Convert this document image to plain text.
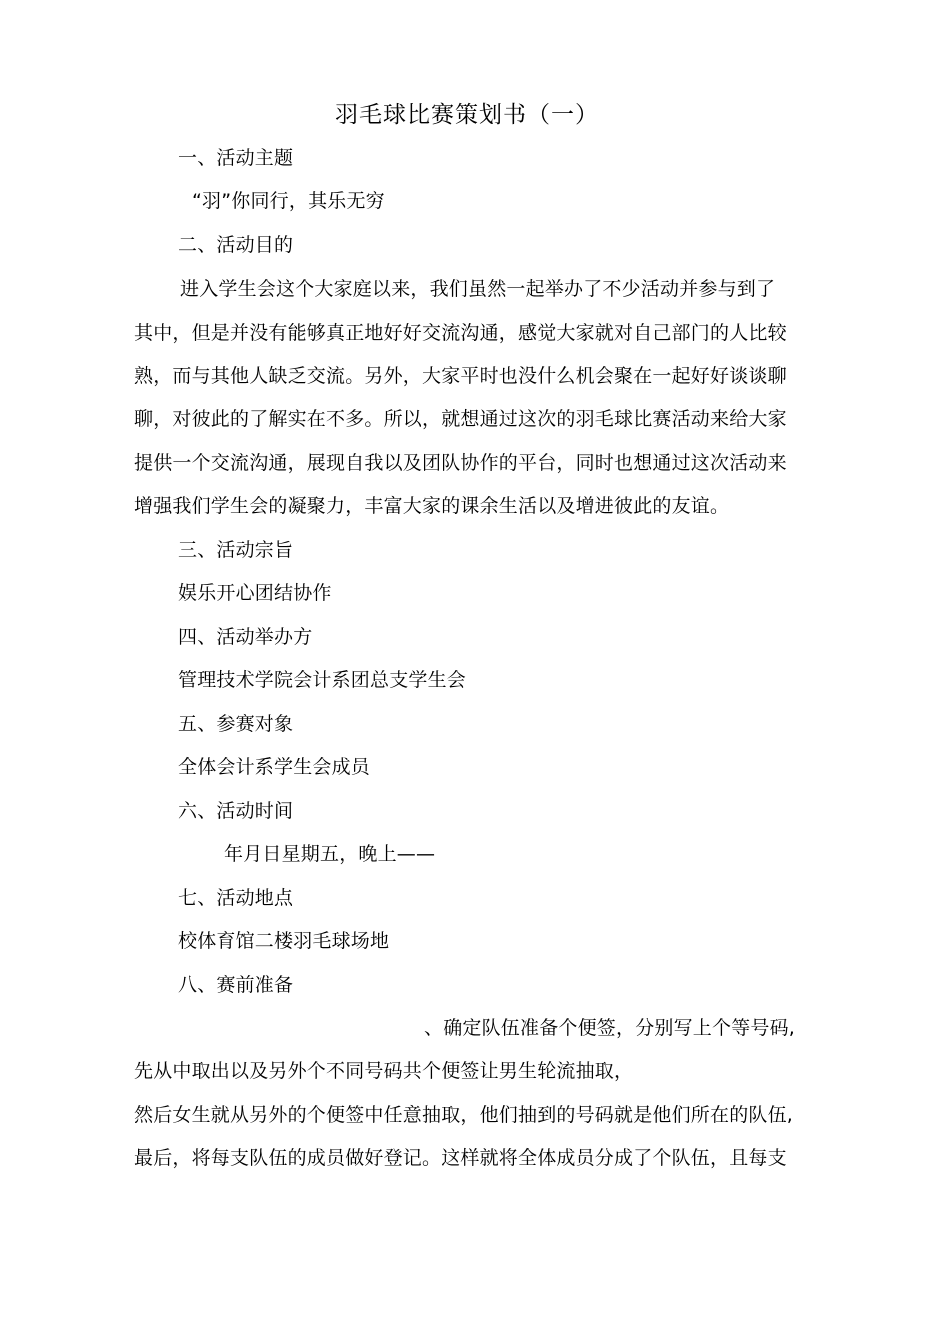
羽毛球比赛策划书（一）
一、活动主题
“羽”你同行，其乐无穷
二、活动目的
进入学生会这个大家庭以来，我们虽然一起举办了不少活动并参与到了
其中，但是并没有能够真正地好好交流沟通，感觉大家就对自己部门的人比较
熟，而与其他人缺乏交流。另外，大家平时也没什么机会聚在一起好好谈谈聊
聊，对彼此的了解实在不多。所以，就想通过这次的羽毛球比赛活动来给大家
提供一个交流沟通，展现自我以及团队协作的平台，同时也想通过这次活动来
增强我们学生会的凝聚力，丰富大家的课余生活以及增进彼此的友谊。
三、活动宗旨
娱乐开心团结协作
四、活动举办方
管理技术学院会计系团总支学生会
五、参赛对象
全体会计系学生会成员
六、活动时间
年月日星期五，晚上——
七、活动地点
校体育馆二楼羽毛球场地
八、赛前准备
、确定队伍准备个便签，分别写上个等号码,
先从中取出以及另外个不同号码共个便签让男生轮流抽取，
然后女生就从另外的个便签中任意抽取，他们抽到的号码就是他们所在的队伍,
最后，将每支队伍的成员做好登记。这样就将全体成员分成了个队伍，且每支
